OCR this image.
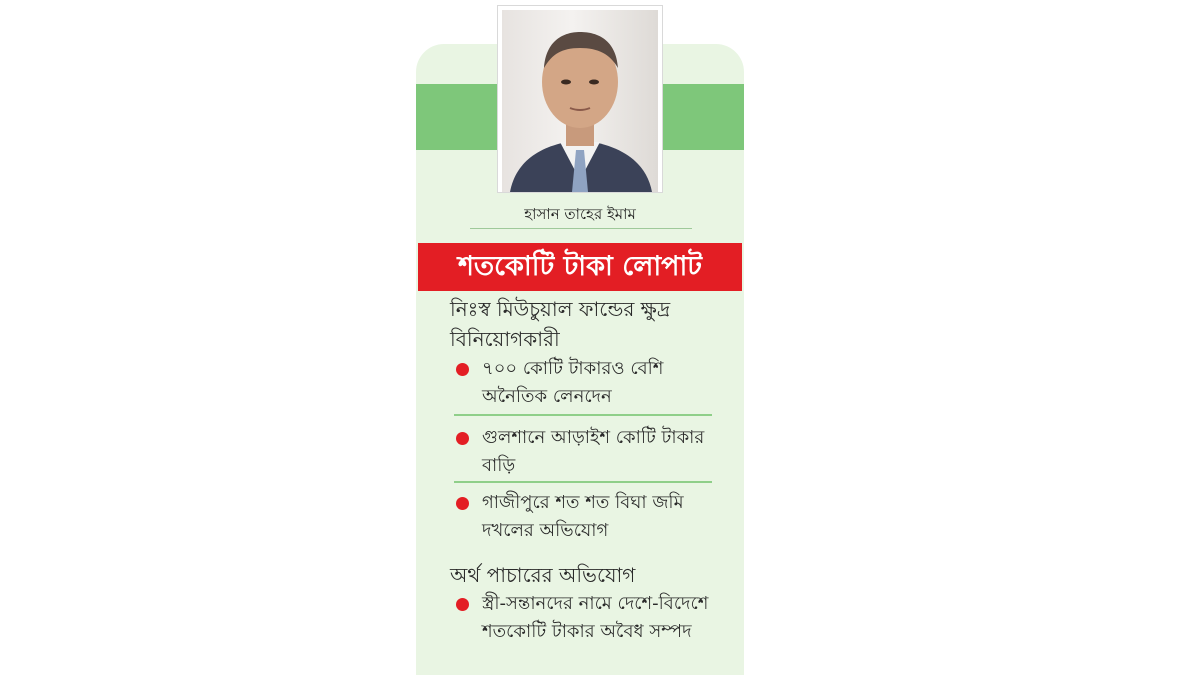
হাসান তাহের ইমাম
শতকোটি টাকা লোপাট
নিঃস্ব মিউচুয়াল ফান্ডের ক্ষুদ্র বিনিয়োগকারী
৭০০ কোটি টাকারও বেশি অনৈতিক লেনদেন
গুলশানে আড়াইশ কোটি টাকার বাড়ি
গাজীপুরে শত শত বিঘা জমি দখলের অভিযোগ
অর্থ পাচারের অভিযোগ
স্ত্রী-সন্তানদের নামে দেশে-বিদেশে শতকোটি টাকার অবৈধ সম্পদ
